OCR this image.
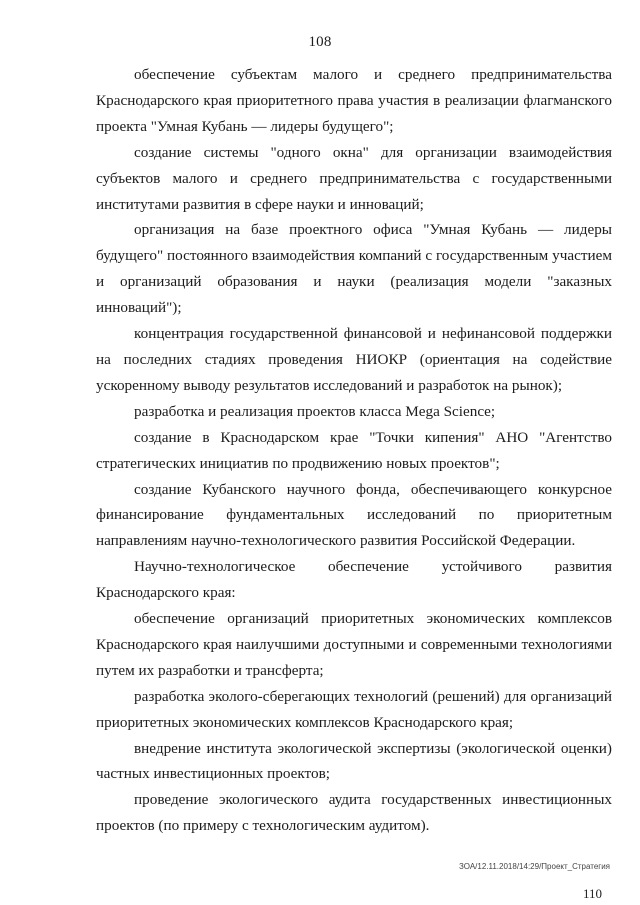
108

обеспечение субъектам малого и среднего предпринимательства Краснодарского края приоритетного права участия в реализации флагманского проекта "Умная Кубань — лидеры будущего";

создание системы "одного окна" для организации взаимодействия субъектов малого и среднего предпринимательства с государственными институтами развития в сфере науки и инноваций;

организация на базе проектного офиса "Умная Кубань — лидеры будущего" постоянного взаимодействия компаний с государственным участием и организаций образования и науки (реализация модели "заказных инноваций");

концентрация государственной финансовой и нефинансовой поддержки на последних стадиях проведения НИОКР (ориентация на содействие ускоренному выводу результатов исследований и разработок на рынок);

разработка и реализация проектов класса Mega Science;

создание в Краснодарском крае "Точки кипения" АНО "Агентство стратегических инициатив по продвижению новых проектов";

создание Кубанского научного фонда, обеспечивающего конкурсное финансирование фундаментальных исследований по приоритетным направлениям научно-технологического развития Российской Федерации.

Научно-технологическое обеспечение устойчивого развития Краснодарского края:

обеспечение организаций приоритетных экономических комплексов Краснодарского края наилучшими доступными и современными технологиями путем их разработки и трансферта;

разработка эколого-сберегающих технологий (решений) для организаций приоритетных экономических комплексов Краснодарского края;

внедрение института экологической экспертизы (экологической оценки) частных инвестиционных проектов;

проведение экологического аудита государственных инвестиционных проектов (по примеру с технологическим аудитом).

ЗОА/12.11.2018/14:29/Проект_Стратегия
110
